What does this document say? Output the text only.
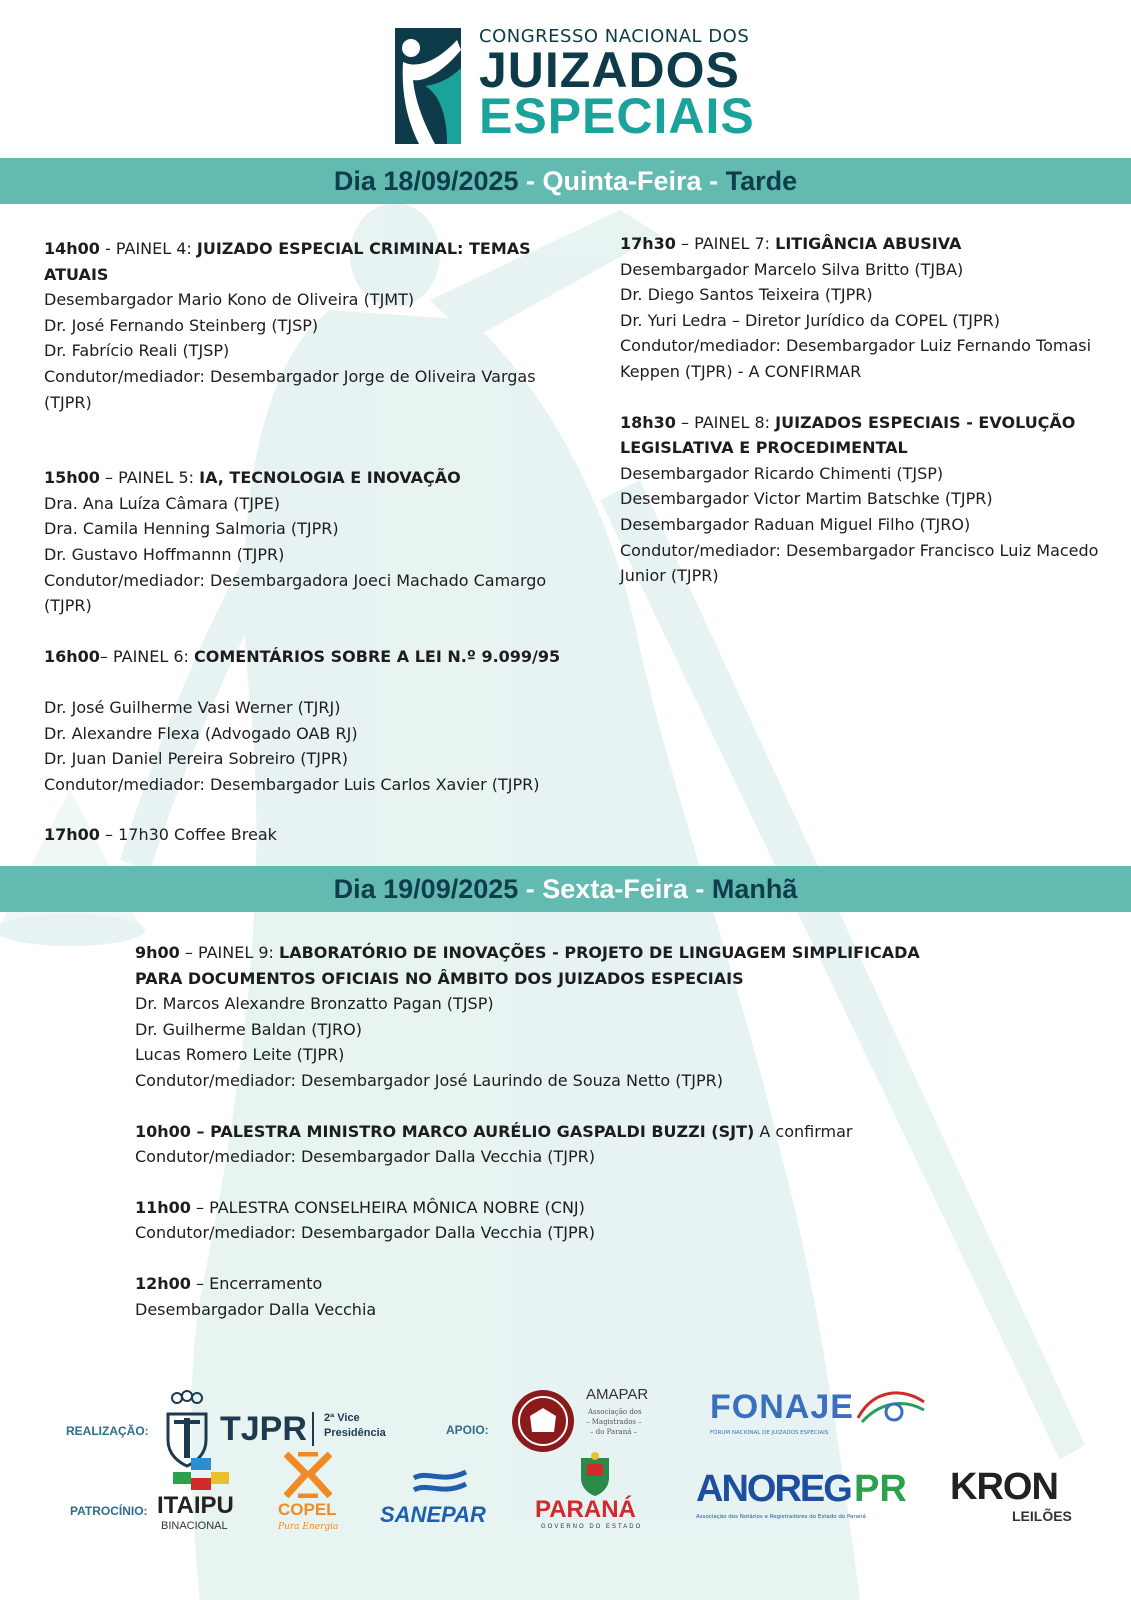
CONGRESSO NACIONAL DOS
JUIZADOS
ESPECIAIS
Dia 18/09/2025 - Quinta-Feira - Tarde

14h00 - PAINEL 4: JUIZADO ESPECIAL CRIMINAL: TEMAS ATUAIS

Desembargador Mario Kono de Oliveira (TJMT)

Dr. José Fernando Steinberg (TJSP)

Dr. Fabrício Reali (TJSP)

Condutor/mediador: Desembargador Jorge de Oliveira Vargas (TJPR)

15h00 – PAINEL 5: IA, TECNOLOGIA E INOVAÇÃO

Dra. Ana Luíza Câmara (TJPE)

Dra. Camila Henning Salmoria (TJPR)

Dr. Gustavo Hoffmannn (TJPR)

Condutor/mediador: Desembargadora Joeci Machado Camargo (TJPR)

16h00– PAINEL 6: COMENTÁRIOS SOBRE A LEI N.º 9.099/95

Dr. José Guilherme Vasi Werner (TJRJ)

Dr. Alexandre Flexa (Advogado OAB RJ)

Dr. Juan Daniel Pereira Sobreiro (TJPR)

Condutor/mediador: Desembargador Luis Carlos Xavier (TJPR)

17h00 – 17h30 Coffee Break

17h30 – PAINEL 7: LITIGÂNCIA ABUSIVA

Desembargador Marcelo Silva Britto (TJBA)

Dr. Diego Santos Teixeira (TJPR)

Dr. Yuri Ledra – Diretor Jurídico da COPEL (TJPR)

Condutor/mediador: Desembargador Luiz Fernando Tomasi Keppen (TJPR) - A CONFIRMAR

18h30 – PAINEL 8: JUIZADOS ESPECIAIS - EVOLUÇÃO LEGISLATIVA E PROCEDIMENTAL

Desembargador Ricardo Chimenti (TJSP)

Desembargador Victor Martim Batschke (TJPR)

Desembargador Raduan Miguel Filho (TJRO)

Condutor/mediador: Desembargador Francisco Luiz Macedo Junior (TJPR)

Dia 19/09/2025 - Sexta-Feira - Manhã

9h00 – PAINEL 9: LABORATÓRIO DE INOVAÇÕES - PROJETO DE LINGUAGEM SIMPLIFICADA PARA DOCUMENTOS OFICIAIS NO ÂMBITO DOS JUIZADOS ESPECIAIS

Dr. Marcos Alexandre Bronzatto Pagan (TJSP)

Dr. Guilherme Baldan (TJRO)

Lucas Romero Leite (TJPR)

Condutor/mediador: Desembargador José Laurindo de Souza Netto (TJPR)

10h00 – PALESTRA MINISTRO MARCO AURÉLIO GASPALDI BUZZI (SJT) A confirmar

Condutor/mediador: Desembargador Dalla Vecchia (TJPR)

11h00 – PALESTRA CONSELHEIRA MÔNICA NOBRE (CNJ)

Condutor/mediador: Desembargador Dalla Vecchia (TJPR)

12h00 – Encerramento

Desembargador Dalla Vecchia

REALIZAÇÃO:	APOIO:
PATROCÍNIO:
TJPR 2ª Vice
Presidência
AMAPAR
Associação dos
– Magistrados –
– do Paraná –
FONAJE
FÓRUM NACIONAL DE JUIZADOS ESPECIAIS
ITAIPU
BINACIONAL
COPEL
Pura Energia SANEPAR PARANÁ
GOVERNO DO ESTADO
ANOREG PR
Associação dos Notários e Registradores do Estado do Paraná
KRON
LEILÕES
